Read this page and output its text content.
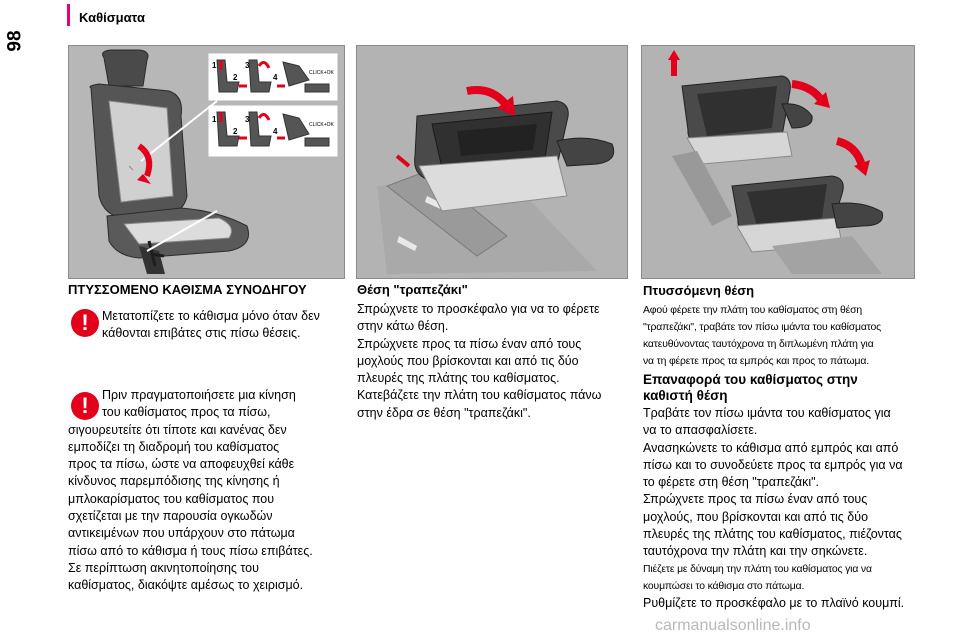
98
Καθίσματα
1
2
3
4
1
2
3
4
CLICK+OK
CLICK+OK
ΠΤΥΣΣΟΜΕΝΟ ΚΑΘΙΣΜΑ ΣΥΝΟΔΗΓΟΥ
! Μετατοπίζετε το κάθισμα μόνο όταν δεν

κάθονται επιβάτες στις πίσω θέσεις.

!	Πριν πραγματοποιήσετε μια κίνηση

του καθίσματος προς τα πίσω,

σιγουρευτείτε ότι τίποτε και κανένας δεν

εμποδίζει τη διαδρομή του καθίσματος

προς τα πίσω, ώστε να αποφευχθεί κάθε

κίνδυνος παρεμπόδισης της κίνησης ή

μπλοκαρίσματος του καθίσματος που

σχετίζεται με την παρουσία ογκωδών

αντικειμένων που υπάρχουν στο πάτωμα

πίσω από το κάθισμα ή τους πίσω επιβάτες.

Σε περίπτωση ακινητοποίησης του

καθίσματος, διακόψτε αμέσως το χειρισμό.

Θέση "τραπεζάκι"

Σπρώχνετε το προσκέφαλο για να το φέρετε

στην κάτω θέση.

Σπρώχνετε προς τα πίσω έναν από τους

μοχλούς που βρίσκονται και από τις δύο

πλευρές της πλάτης του καθίσματος.

Κατεβάζετε την πλάτη του καθίσματος πάνω

στην έδρα σε θέση "τραπεζάκι".

Πτυσσόμενη θέση

Αφού φέρετε την πλάτη του καθίσματος στη θέση

"τραπεζάκι", τραβάτε τον πίσω ιμάντα του καθίσματος

κατευθύνοντας ταυτόχρονα τη διπλωμένη πλάτη για

να τη φέρετε προς τα εμπρός και προς το πάτωμα.

Επαναφορά του καθίσματος στην
καθιστή θέση

Τραβάτε τον πίσω ιμάντα του καθίσματος για

να το απασφαλίσετε.

Ανασηκώνετε το κάθισμα από εμπρός και από

πίσω και το συνοδεύετε προς τα εμπρός για να

το φέρετε στη θέση "τραπεζάκι".

Σπρώχνετε προς τα πίσω έναν από τους

μοχλούς, που βρίσκονται και από τις δύο

πλευρές της πλάτης του καθίσματος, πιέζοντας

ταυτόχρονα την πλάτη και την σηκώνετε.

Πιέζετε με δύναμη την πλάτη του καθίσματος για να

κουμπώσει το κάθισμα στο πάτωμα.

Ρυθμίζετε το προσκέφαλο με το πλαϊνό κουμπί.

carmanualsonline.info
